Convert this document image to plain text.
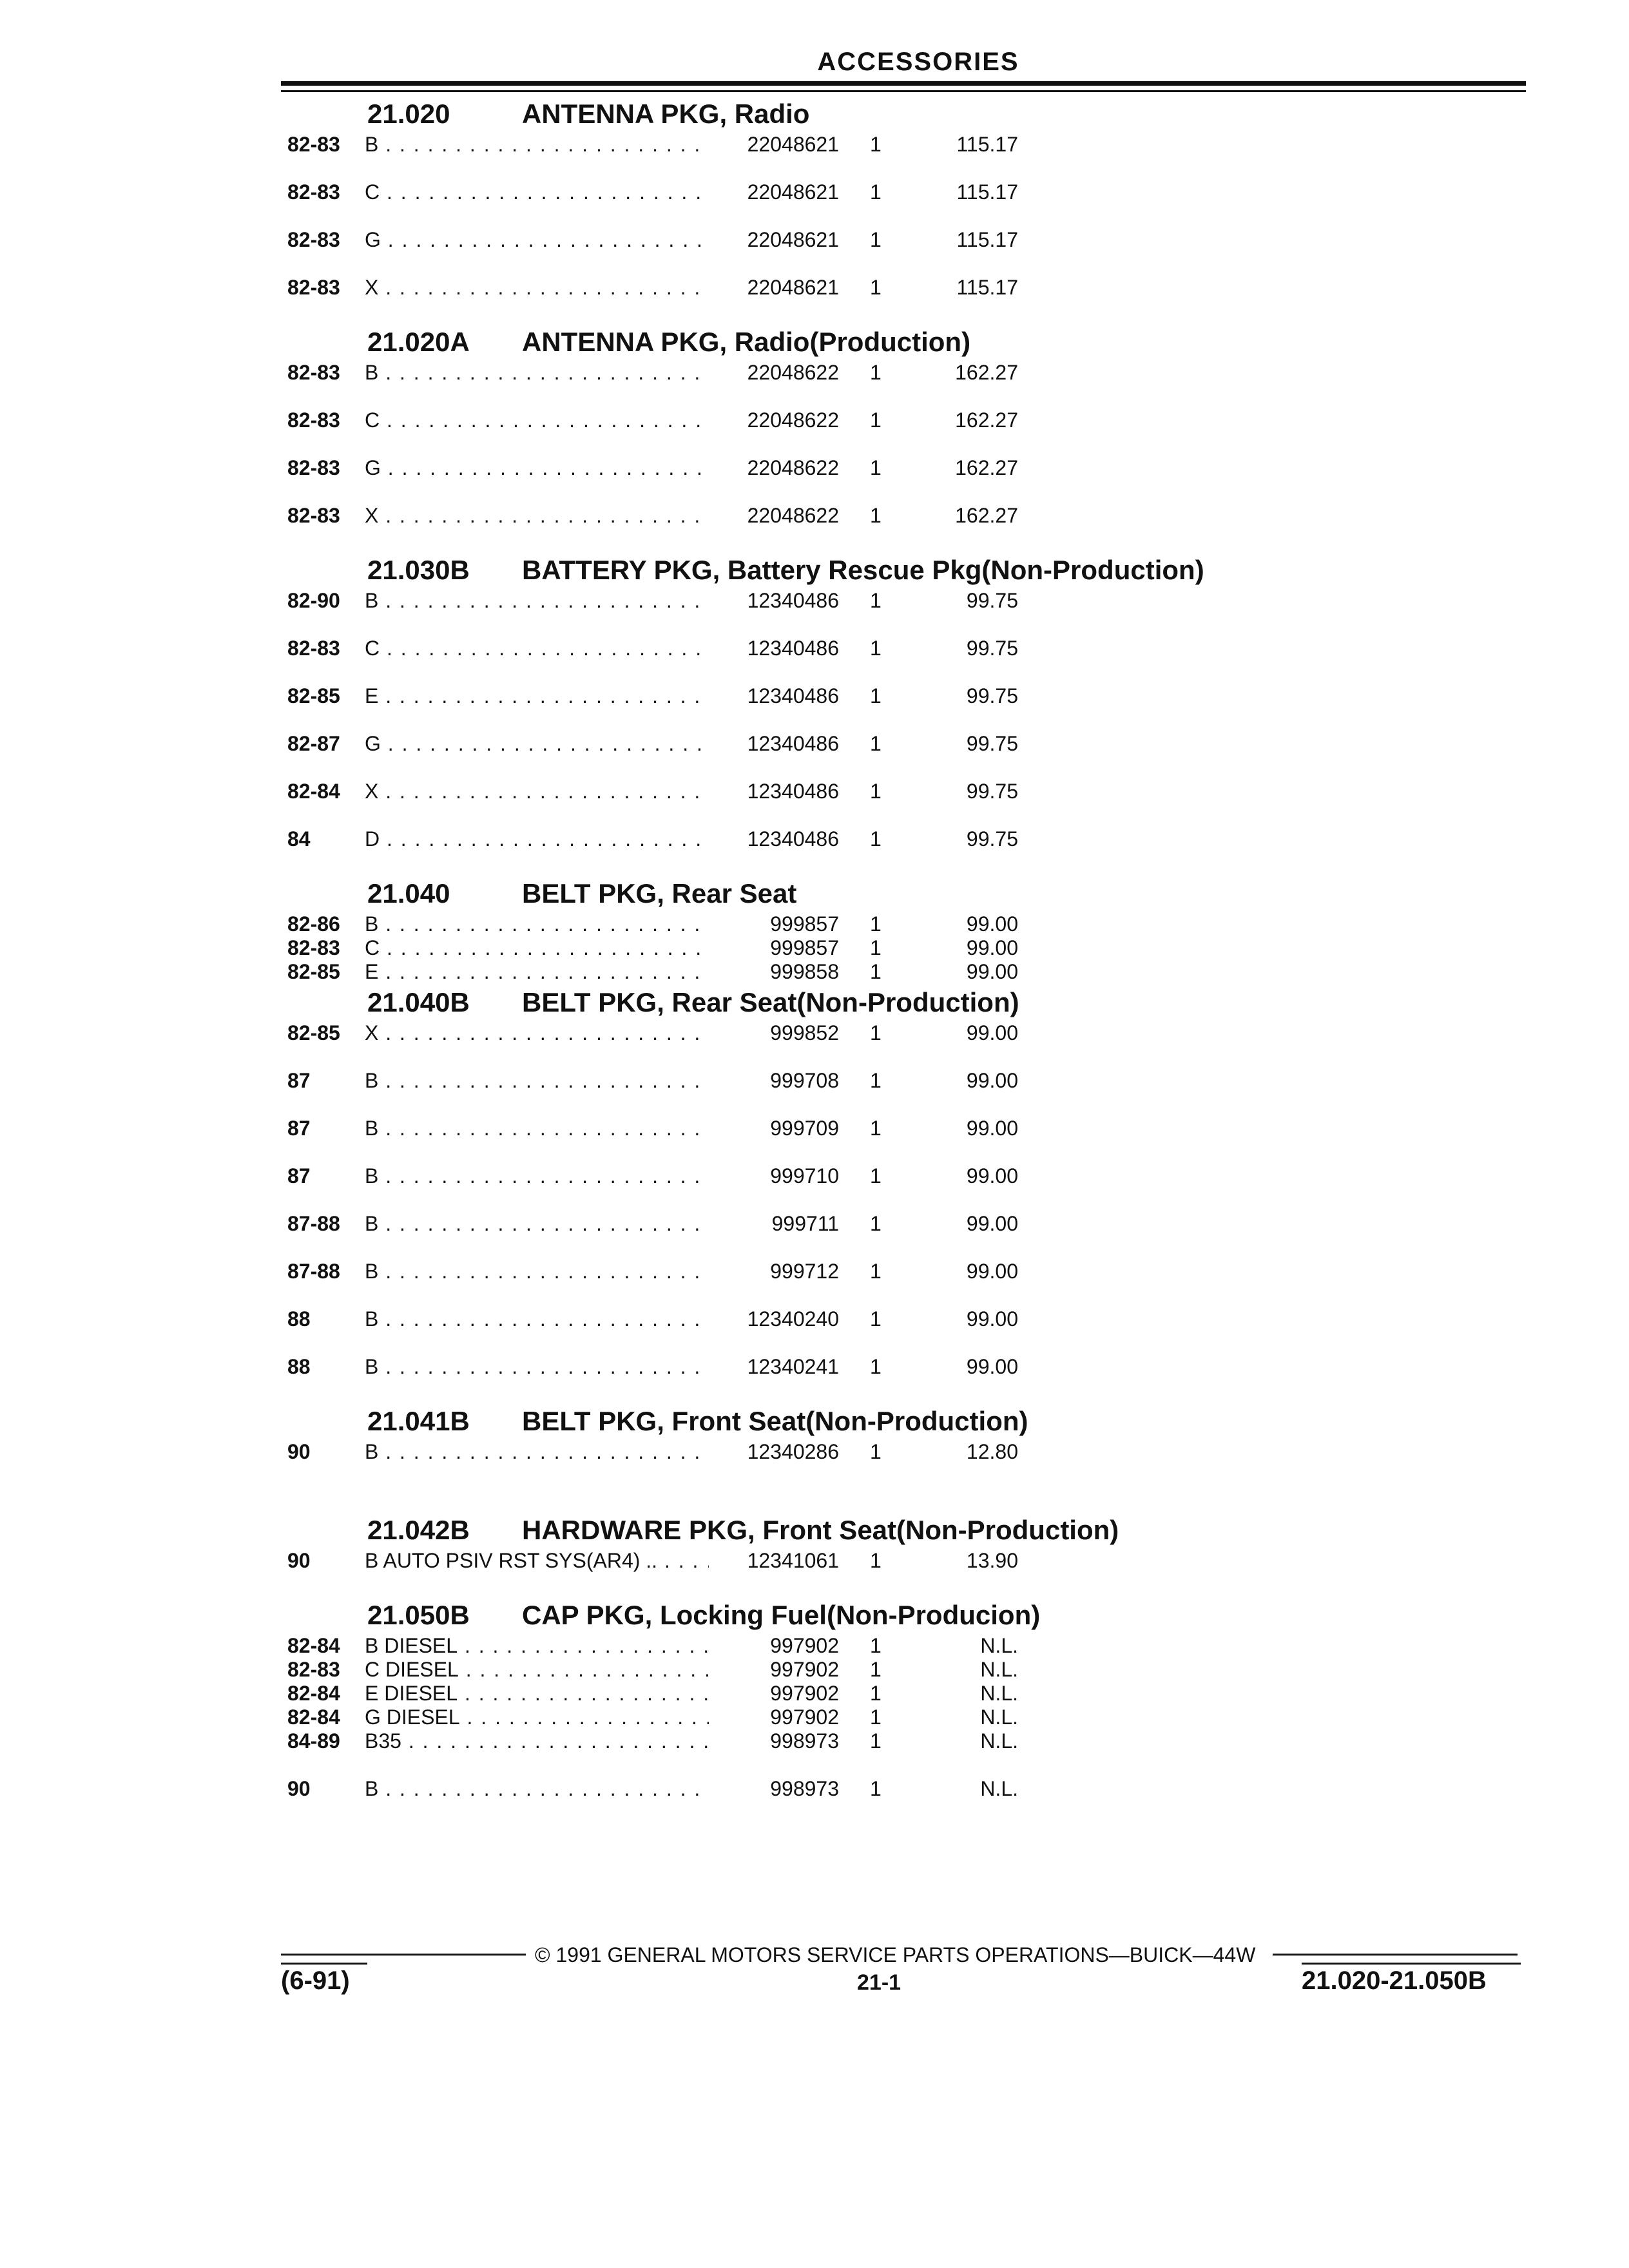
ACCESSORIES
21.020	ANTENNA PKG, Radio
82-83 B . . .	22048621 1	115.17
82-83 C . . .	22048621 1	115.17
82-83 G . . .	22048621 1	115.17
82-83 X . . .	22048621 1	115.17
21.020A ANTENNA PKG, Radio(Production)
82-83 B . . .	22048622 1	162.27
82-83 C . . .	22048622 1	162.27
82-83 G . . .	22048622 1	162.27
82-83 X . . .	22048622 1	162.27
21.030B BATTERY PKG, Battery Rescue Pkg(Non-Production)
82-90 B . . .	12340486 1	99.75
82-83 C . . .	12340486 1	99.75
82-85 E . . .	12340486 1	99.75
82-87 G . . .	12340486 1	99.75
82-84 X . . .	12340486 1	99.75
84	D . . .	12340486 1	99.75
21.040	BELT PKG, Rear Seat
82-86 B . . .	999857 1	99.00
82-83 C . . .	999857 1	99.00
82-85 E . . .	999858 1	99.00
21.040B BELT PKG, Rear Seat(Non-Production)
82-85 X . . .	999852 1	99.00
87	B . . .	999708 1	99.00
87	B . . .	999709 1	99.00
87	B . . .	999710 1	99.00
87-88 B . . .	999711 1	99.00
87-88 B . . .	999712 1	99.00
88	B . . .	12340240 1	99.00
88	B . . .	12340241 1	99.00
21.041B BELT PKG, Front Seat(Non-Production)
90	B . . .	12340286 1	12.80
21.042B HARDWARE PKG, Front Seat(Non-Production)
90	B AUTO PSIV RST SYS(AR4) .. . . .	12341061 1	13.90
21.050B CAP PKG, Locking Fuel(Non-Producion)
82-84 B DIESEL . . .	997902 1	N.L.
82-83 C DIESEL . . .	997902 1	N.L.
82-84 E DIESEL . . .	997902 1	N.L.
82-84 G DIESEL . . .	997902 1	N.L.
84-89 B35 . . .	998973 1	N.L.
90	B . . .	998973 1	N.L.
© 1991 GENERAL MOTORS SERVICE PARTS OPERATIONS—BUICK—44W
(6-91)	21-1	21.020-21.050B
